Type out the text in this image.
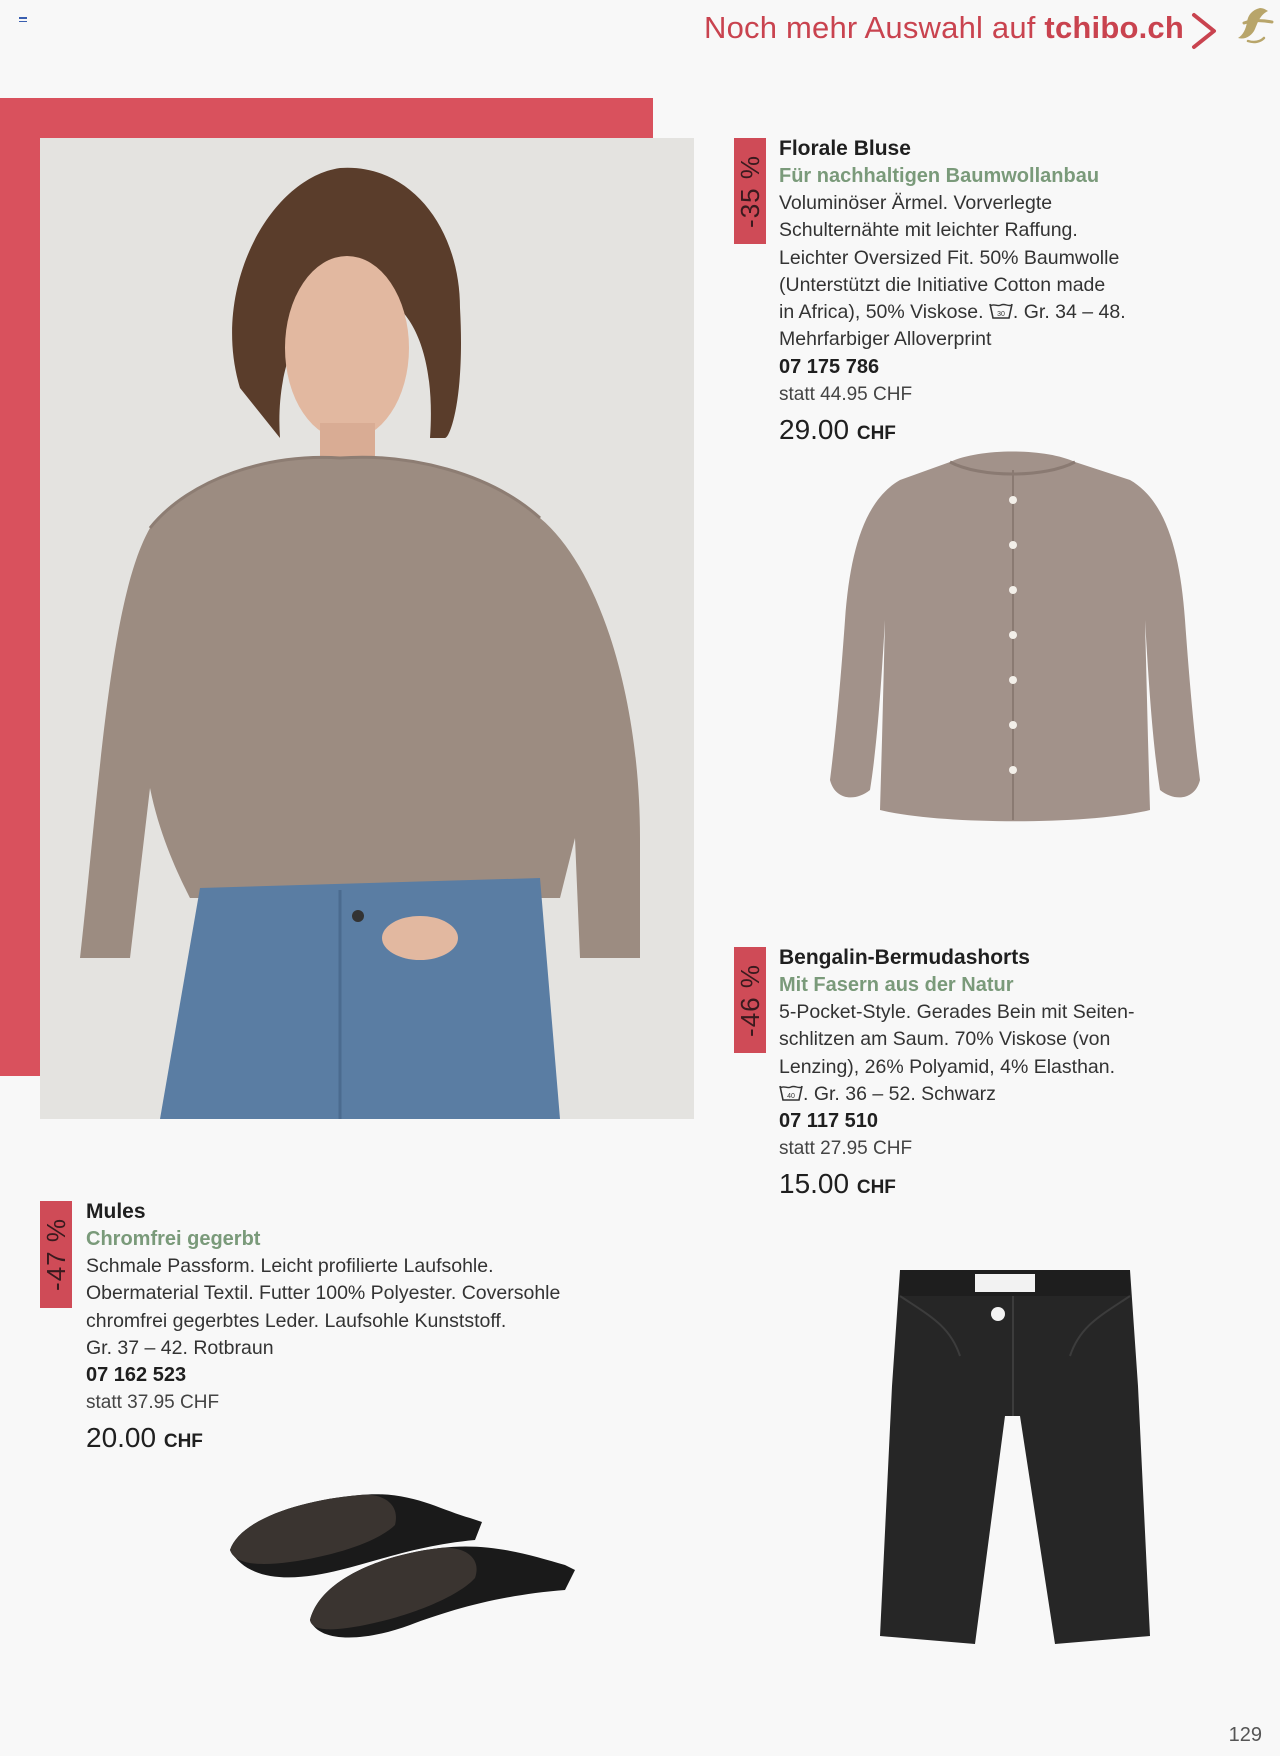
Noch mehr Auswahl auf tchibo.ch
-35 %

Florale Bluse

Für nachhaltigen Baumwollanbau

Voluminöser Ärmel. Vorverlegte

Schulternähte mit leichter Raffung.

Leichter Oversized Fit. 50% Baumwolle

(Unterstützt die Initiative Cotton made

in Africa), 50% Viskose. 30 . Gr. 34 – 48.

Mehrfarbiger Alloverprint

07 175 786

statt 44.95 CHF

29.00 CHF

-46 %

Bengalin-Bermudashorts

Mit Fasern aus der Natur

5-Pocket-Style. Gerades Bein mit Seiten-

schlitzen am Saum. 70% Viskose (von

Lenzing), 26% Polyamid, 4% Elasthan.

40 . Gr. 36 – 52. Schwarz

07 117 510

statt 27.95 CHF

15.00 CHF

-47 %

Mules

Chromfrei gegerbt

Schmale Passform. Leicht profilierte Laufsohle.

Obermaterial Textil. Futter 100% Polyester. Coversohle

chromfrei gegerbtes Leder. Laufsohle Kunststoff.

Gr. 37 – 42. Rotbraun

07 162 523

statt 37.95 CHF

20.00 CHF

129
